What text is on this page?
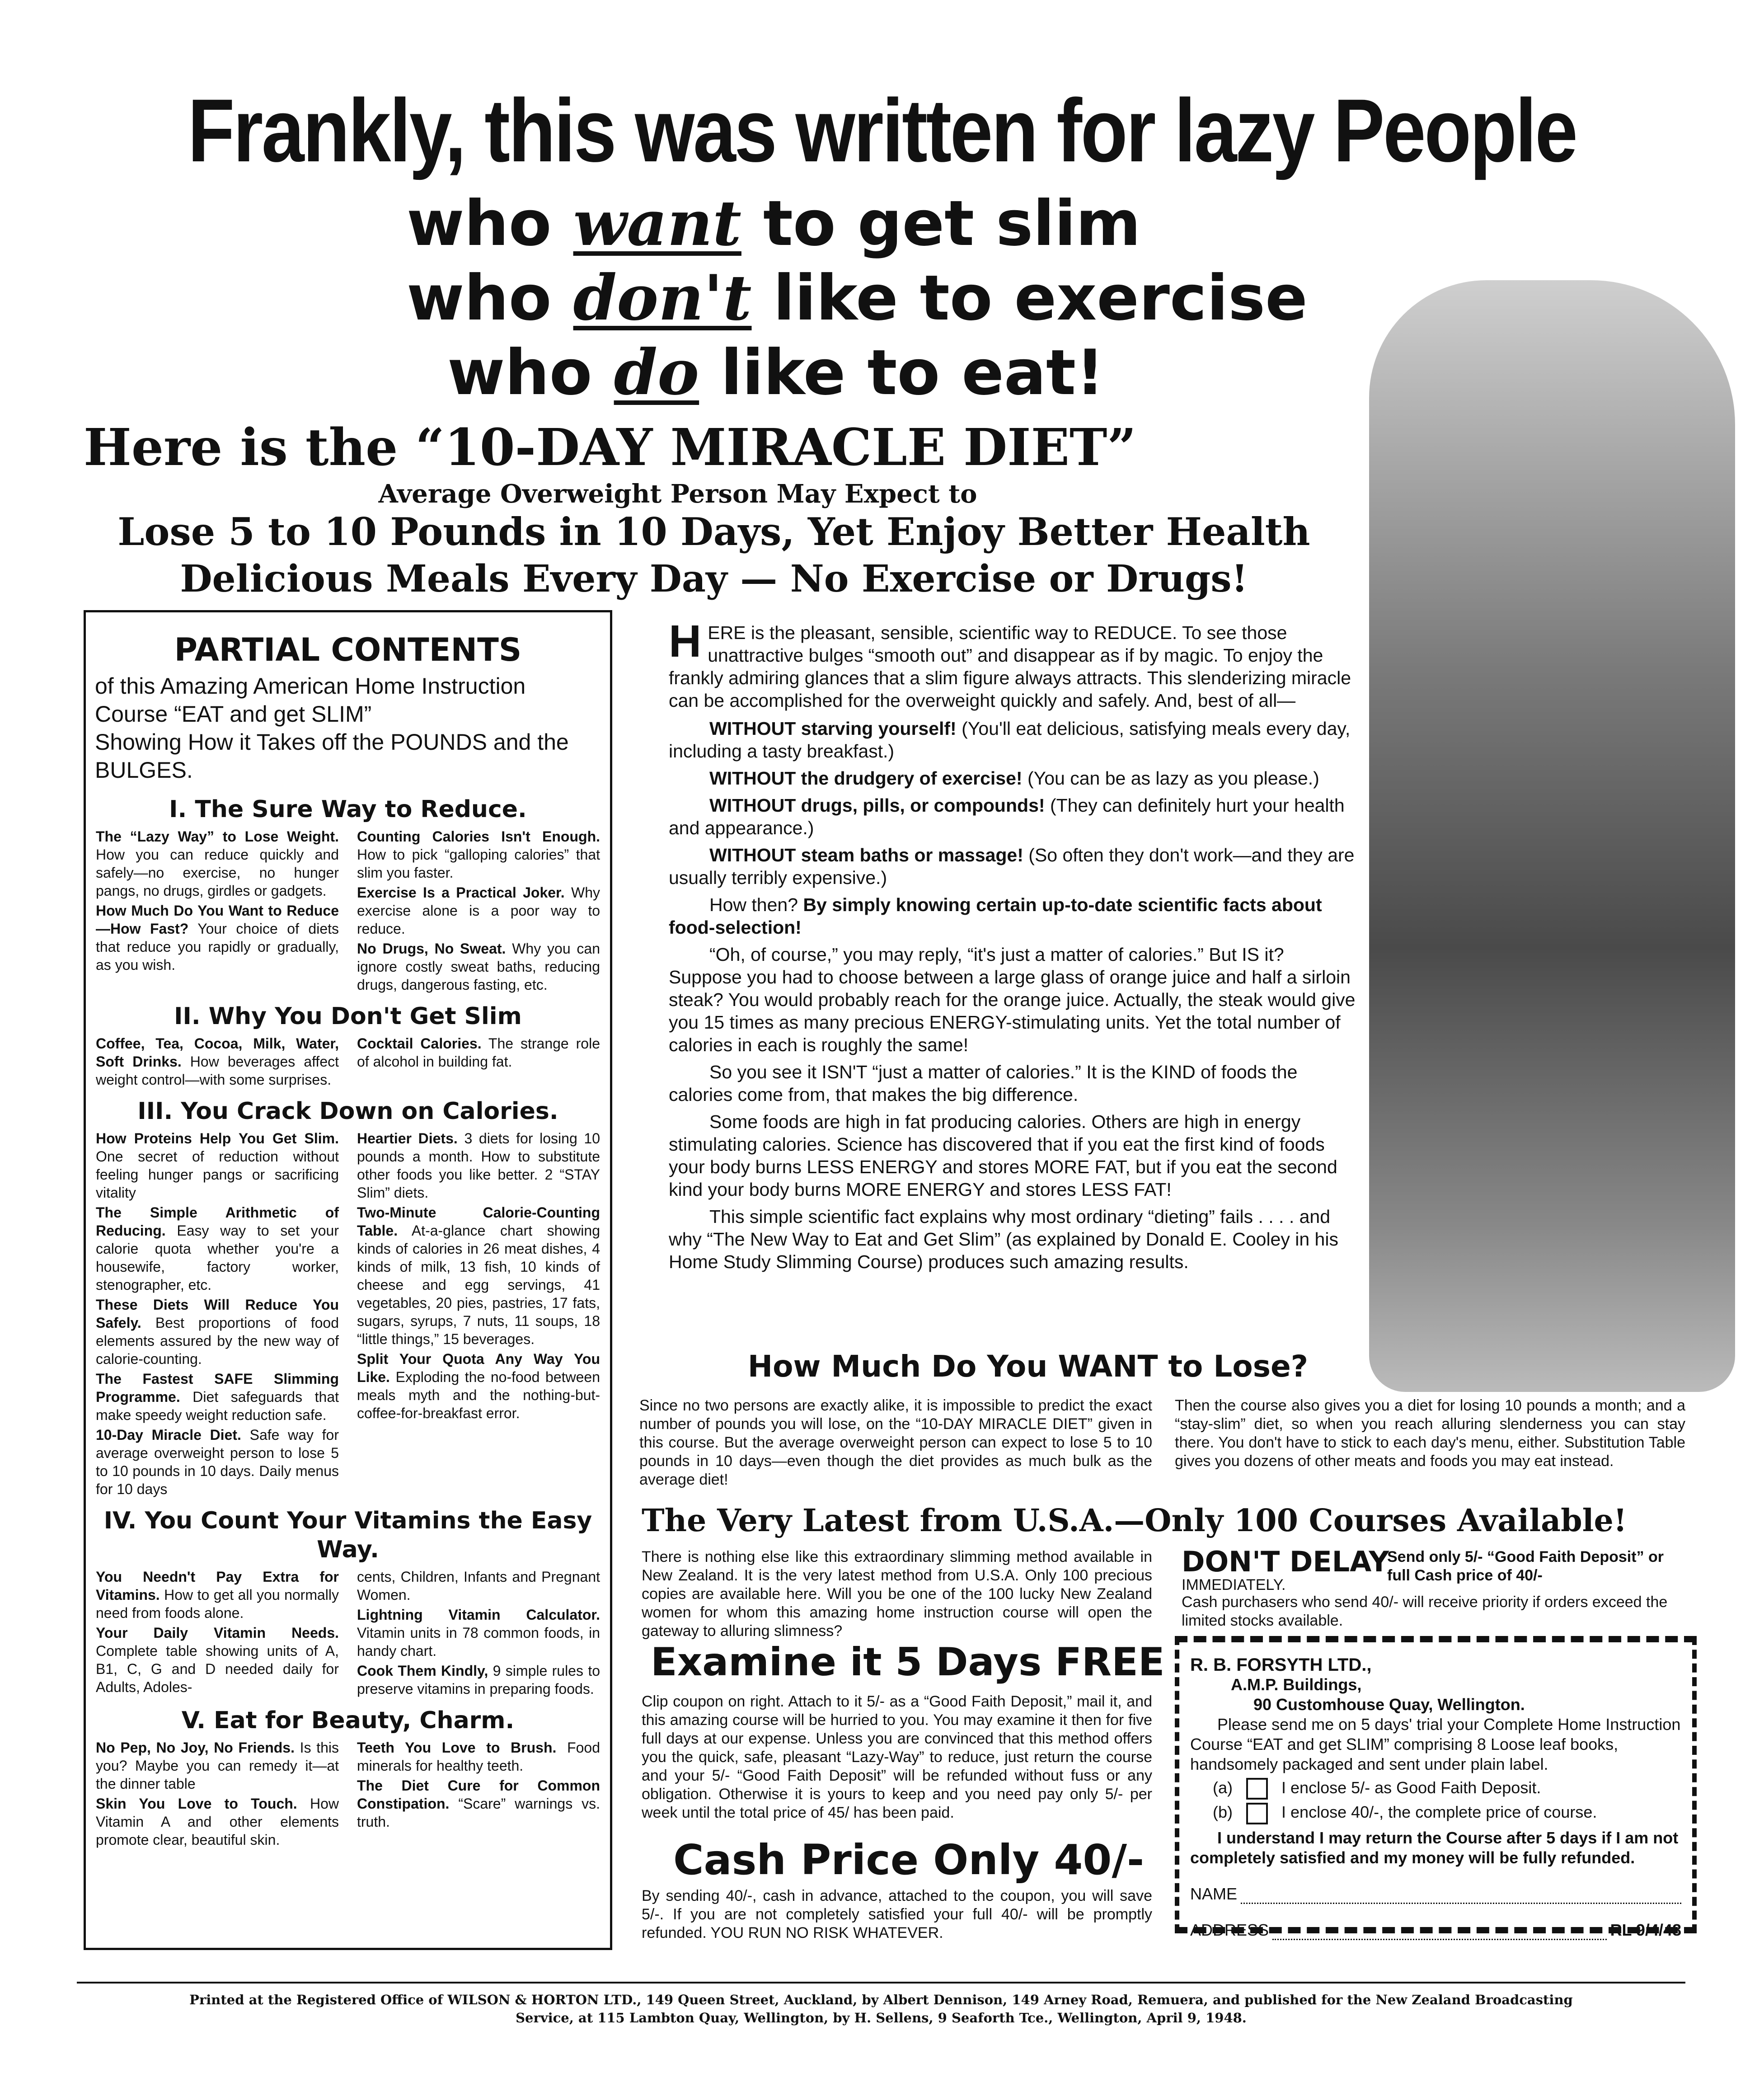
Frankly, this was written for lazy People
who want to get slim
who don't like to exercise
who do like to eat!
Here is the “10-DAY MIRACLE DIET”
Average Overweight Person May Expect to
Lose 5 to 10 Pounds in 10 Days, Yet Enjoy Better Health
Delicious Meals Every Day — No Exercise or Drugs!
PARTIAL CONTENTS
of this Amazing American Home Instruction Course “EAT and get SLIM”
Showing How it Takes off the POUNDS and the BULGES.
I. The Sure Way to Reduce.
The “Lazy Way” to Lose Weight. How you can reduce quickly and safely—no exercise, no hunger pangs, no drugs, girdles or gadgets.
How Much Do You Want to Reduce—How Fast? Your choice of diets that reduce you rapidly or gradually, as you wish.
Counting Calories Isn't Enough. How to pick “galloping calories” that slim you faster.
Exercise Is a Practical Joker. Why exercise alone is a poor way to reduce.
No Drugs, No Sweat. Why you can ignore costly sweat baths, reducing drugs, dangerous fasting, etc.
II. Why You Don't Get Slim
Coffee, Tea, Cocoa, Milk, Water, Soft Drinks. How beverages affect weight control—with some surprises.
Cocktail Calories. The strange role of alcohol in building fat.
III. You Crack Down on Calories.
How Proteins Help You Get Slim. One secret of reduction without feeling hunger pangs or sacrificing vitality
The Simple Arithmetic of Reducing. Easy way to set your calorie quota whether you're a housewife, factory worker, stenographer, etc.
These Diets Will Reduce You Safely. Best proportions of food elements assured by the new way of calorie-counting.
The Fastest SAFE Slimming Programme. Diet safeguards that make speedy weight reduction safe.
10-Day Miracle Diet. Safe way for average overweight person to lose 5 to 10 pounds in 10 days. Daily menus for 10 days
Heartier Diets. 3 diets for losing 10 pounds a month. How to substitute other foods you like better. 2 “STAY Slim” diets.
Two-Minute Calorie-Counting Table. At-a-glance chart showing kinds of calories in 26 meat dishes, 4 kinds of milk, 13 fish, 10 kinds of cheese and egg servings, 41 vegetables, 20 pies, pastries, 17 fats, sugars, syrups, 7 nuts, 11 soups, 18 “little things,” 15 beverages.
Split Your Quota Any Way You Like. Exploding the no-food between meals myth and the nothing-but-coffee-for-breakfast error.
IV. You Count Your Vitamins the Easy Way.
You Needn't Pay Extra for Vitamins. How to get all you normally need from foods alone.
Your Daily Vitamin Needs. Complete table showing units of A, B1, C, G and D needed daily for Adults, Adoles-
cents, Children, Infants and Pregnant Women.
Lightning Vitamin Calculator. Vitamin units in 78 common foods, in handy chart.
Cook Them Kindly, 9 simple rules to preserve vitamins in preparing foods.
V. Eat for Beauty, Charm.
No Pep, No Joy, No Friends. Is this you? Maybe you can remedy it—at the dinner table
Skin You Love to Touch. How Vitamin A and other elements promote clear, beautiful skin.
Teeth You Love to Brush. Food minerals for healthy teeth.
The Diet Cure for Common Constipation. “Scare” warnings vs. truth.

HERE is the pleasant, sensible, scientific way to REDUCE. To see those unattractive bulges “smooth out” and disappear as if by magic. To enjoy the frankly admiring glances that a slim figure always attracts. This slenderizing miracle can be accomplished for the overweight quickly and safely. And, best of all—

WITHOUT starving yourself! (You'll eat delicious, satisfying meals every day, including a tasty breakfast.)

WITHOUT the drudgery of exercise! (You can be as lazy as you please.)

WITHOUT drugs, pills, or compounds! (They can definitely hurt your health and appearance.)

WITHOUT steam baths or massage! (So often they don't work—and they are usually terribly expensive.)

How then? By simply knowing certain up-to-date scientific facts about food-selection!

“Oh, of course,” you may reply, “it's just a matter of calories.” But IS it? Suppose you had to choose between a large glass of orange juice and half a sirloin steak? You would probably reach for the orange juice. Actually, the steak would give you 15 times as many precious ENERGY-stimulating units. Yet the total number of calories in each is roughly the same!

So you see it ISN'T “just a matter of calories.” It is the KIND of foods the calories come from, that makes the big difference.

Some foods are high in fat producing calories. Others are high in energy stimulating calories. Science has discovered that if you eat the first kind of foods your body burns LESS ENERGY and stores MORE FAT, but if you eat the second kind your body burns MORE ENERGY and stores LESS FAT!

This simple scientific fact explains why most ordinary “dieting” fails . . . . and why “The New Way to Eat and Get Slim” (as explained by Donald E. Cooley in his Home Study Slimming Course) produces such amazing results.

How Much Do You WANT to Lose?
Since no two persons are exactly alike, it is impossible to predict the exact number of pounds you will lose, on the “10-DAY MIRACLE DIET” given in this course. But the average overweight person can expect to lose 5 to 10 pounds in 10 days—even though the diet provides as much bulk as the average diet!
Then the course also gives you a diet for losing 10 pounds a month; and a “stay-slim” diet, so when you reach alluring slenderness you can stay there. You don't have to stick to each day's menu, either. Substitution Table gives you dozens of other meats and foods you may eat instead.
The Very Latest from U.S.A.—Only 100 Courses Available!
There is nothing else like this extraordinary slimming method available in New Zealand. It is the very latest method from U.S.A. Only 100 precious copies are available here. Will you be one of the 100 lucky New Zealand women for whom this amazing home instruction course will open the gateway to alluring slimness?
Examine it 5 Days FREE
Clip coupon on right. Attach to it 5/- as a “Good Faith Deposit,” mail it, and this amazing course will be hurried to you. You may examine it then for five full days at our expense. Unless you are convinced that this method offers you the quick, safe, pleasant “Lazy-Way” to reduce, just return the course and your 5/- “Good Faith Deposit” will be refunded without fuss or any obligation. Otherwise it is yours to keep and you need pay only 5/- per week until the total price of 45/ has been paid.
Cash Price Only 40/-
By sending 40/-, cash in advance, attached to the coupon, you will save 5/-. If you are not completely satisfied your full 40/- will be promptly refunded. YOU RUN NO RISK WHATEVER.
DON'T DELAY
IMMEDIATELY.
Send only 5/- “Good Faith Deposit” or full Cash price of 40/-
Cash purchasers who send 40/- will receive priority if orders exceed the limited stocks available.
R. B. FORSYTH LTD.,
A.M.P. Buildings,
90 Customhouse Quay, Wellington.
Please send me on 5 days' trial your Complete Home Instruction Course “EAT and get SLIM” comprising 8 Loose leaf books, handsomely packaged and sent under plain label.
(a)	I enclose 5/- as Good Faith Deposit.
(b)	I enclose 40/-, the complete price of course.
I understand I may return the Course after 5 days if I am not completely satisfied and my money will be fully refunded.
NAME
ADDRESS	RL 9/4/48
Printed at the Registered Office of WILSON & HORTON LTD., 149 Queen Street, Auckland, by Albert Dennison, 149 Arney Road, Remuera, and published for the New Zealand Broadcasting Service, at 115 Lambton Quay, Wellington, by H. Sellens, 9 Seaforth Tce., Wellington, April 9, 1948.
